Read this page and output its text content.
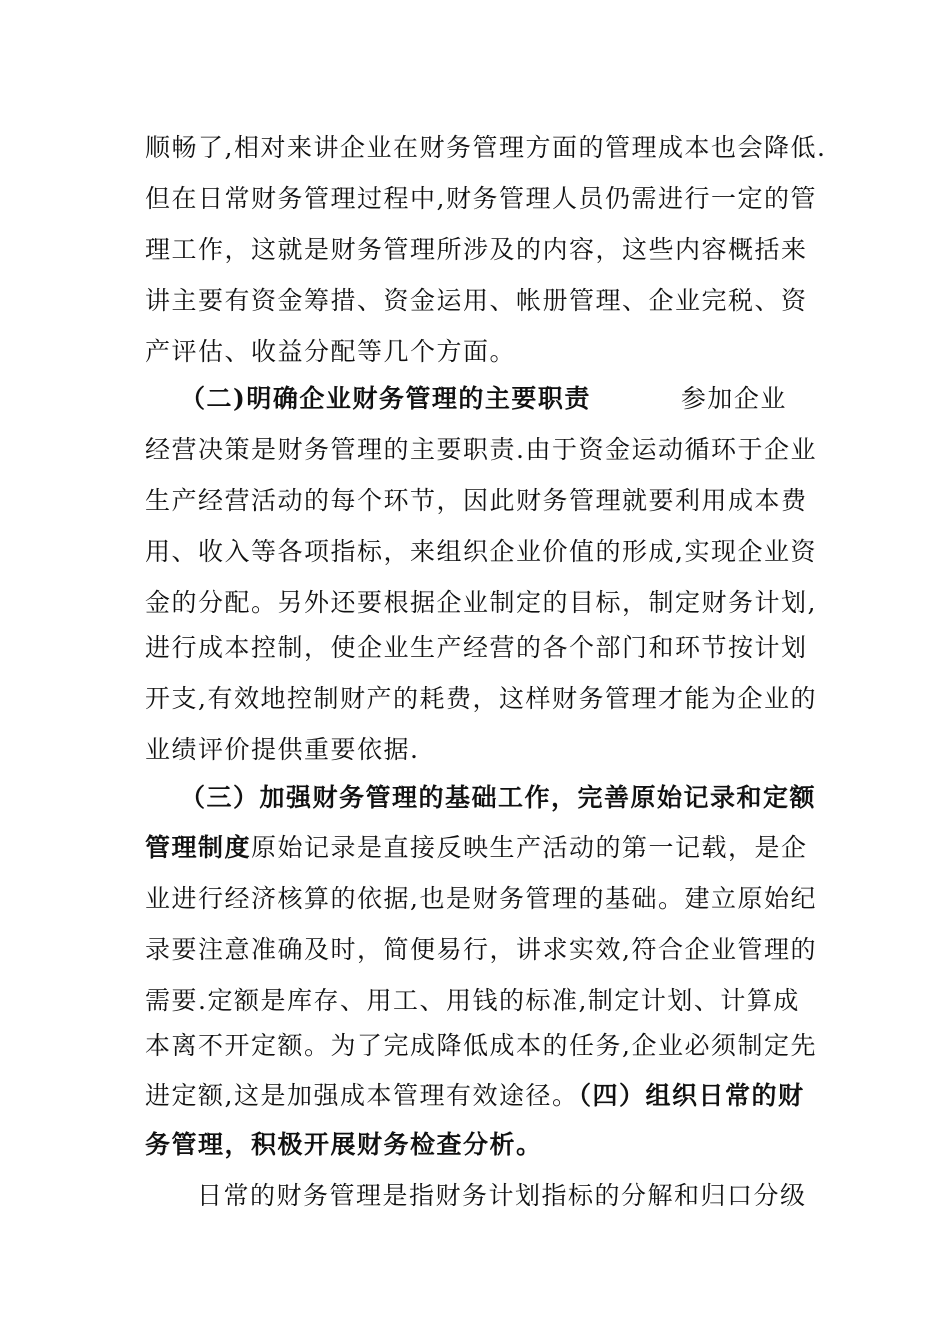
顺畅了,相对来讲企业在财务管理方面的管理成本也会降低.
但在日常财务管理过程中,财务管理人员仍需进行一定的管
理工作，这就是财务管理所涉及的内容，这些内容概括来
讲主要有资金筹措、资金运用、帐册管理、企业完税、资
产评估、收益分配等几个方面。
（二)明确企业财务管理的主要职责	参加企业
经营决策是财务管理的主要职责.由于资金运动循环于企业
生产经营活动的每个环节，因此财务管理就要利用成本费
用、收入等各项指标，来组织企业价值的形成,实现企业资
金的分配。另外还要根据企业制定的目标，制定财务计划,
进行成本控制，使企业生产经营的各个部门和环节按计划
开支,有效地控制财产的耗费，这样财务管理才能为企业的
业绩评价提供重要依据.
（三）加强财务管理的基础工作，完善原始记录和定额
管理制度原始记录是直接反映生产活动的第一记载，是企
业进行经济核算的依据,也是财务管理的基础。建立原始纪
录要注意准确及时，简便易行，讲求实效,符合企业管理的
需要.定额是库存、用工、用钱的标准,制定计划、计算成
本离不开定额。为了完成降低成本的任务,企业必须制定先
进定额,这是加强成本管理有效途径。（四）组织日常的财
务管理，积极开展财务检查分析。
日常的财务管理是指财务计划指标的分解和归口分级
